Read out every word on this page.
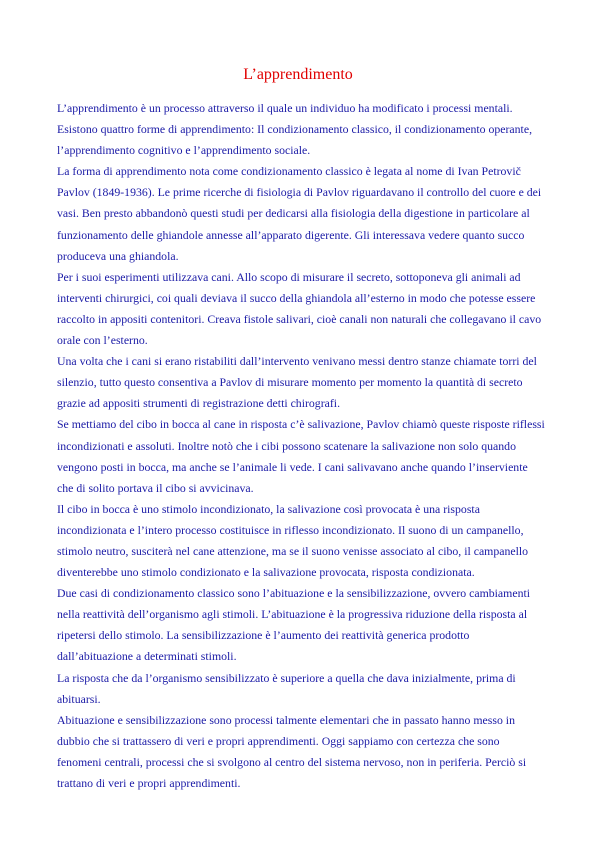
L’apprendimento

L’apprendimento è un processo attraverso il quale un individuo ha modificato i processi mentali. Esistono quattro forme di apprendimento: Il condizionamento classico, il condizionamento operante, l’apprendimento cognitivo e l’apprendimento sociale.

La forma di apprendimento nota come condizionamento classico è legata al nome di Ivan Petrovič Pavlov (1849-1936). Le prime ricerche di fisiologia di Pavlov riguardavano il controllo del cuore e dei vasi. Ben presto abbandonò questi studi per dedicarsi alla fisiologia della digestione in particolare al funzionamento delle ghiandole annesse all’apparato digerente. Gli interessava vedere quanto succo produceva una ghiandola.

Per i suoi esperimenti utilizzava cani. Allo scopo di misurare il secreto, sottoponeva gli animali ad interventi chirurgici, coi quali deviava il succo della ghiandola all’esterno in modo che potesse essere raccolto in appositi contenitori. Creava fistole salivari, cioè canali non naturali che collegavano il cavo orale con l’esterno.

Una volta che i cani si erano ristabiliti dall’intervento venivano messi dentro stanze chiamate torri del silenzio, tutto questo consentiva a Pavlov di misurare momento per momento la quantità di secreto grazie ad appositi strumenti di registrazione detti chirografi.

Se mettiamo del cibo in bocca al cane in risposta c’è salivazione, Pavlov chiamò queste risposte riflessi incondizionati e assoluti. Inoltre notò che i cibi possono scatenare la salivazione non solo quando vengono posti in bocca, ma anche se l’animale li vede. I cani salivavano anche quando l’inserviente che di solito portava il cibo si avvicinava.

Il cibo in bocca è uno stimolo incondizionato, la salivazione così provocata è una risposta incondizionata e l’intero processo costituisce in riflesso incondizionato. Il suono di un campanello, stimolo neutro, susciterà nel cane attenzione, ma se il suono venisse associato al cibo, il campanello diventerebbe uno stimolo condizionato e la salivazione provocata, risposta condizionata.

Due casi di condizionamento classico sono l’abituazione e la sensibilizzazione, ovvero cambiamenti nella reattività dell’organismo agli stimoli. L’abituazione è la progressiva riduzione della risposta al ripetersi dello stimolo. La sensibilizzazione è l’aumento dei reattività generica prodotto dall’abituazione a determinati stimoli.

La risposta che da l’organismo sensibilizzato è superiore a quella che dava inizialmente, prima di abituarsi.

Abituazione e sensibilizzazione sono processi talmente elementari che in passato hanno messo in dubbio che si trattassero di veri e propri apprendimenti. Oggi sappiamo con certezza che sono fenomeni centrali, processi che si svolgono al centro del sistema nervoso, non in periferia. Perciò si trattano di veri e propri apprendimenti.
